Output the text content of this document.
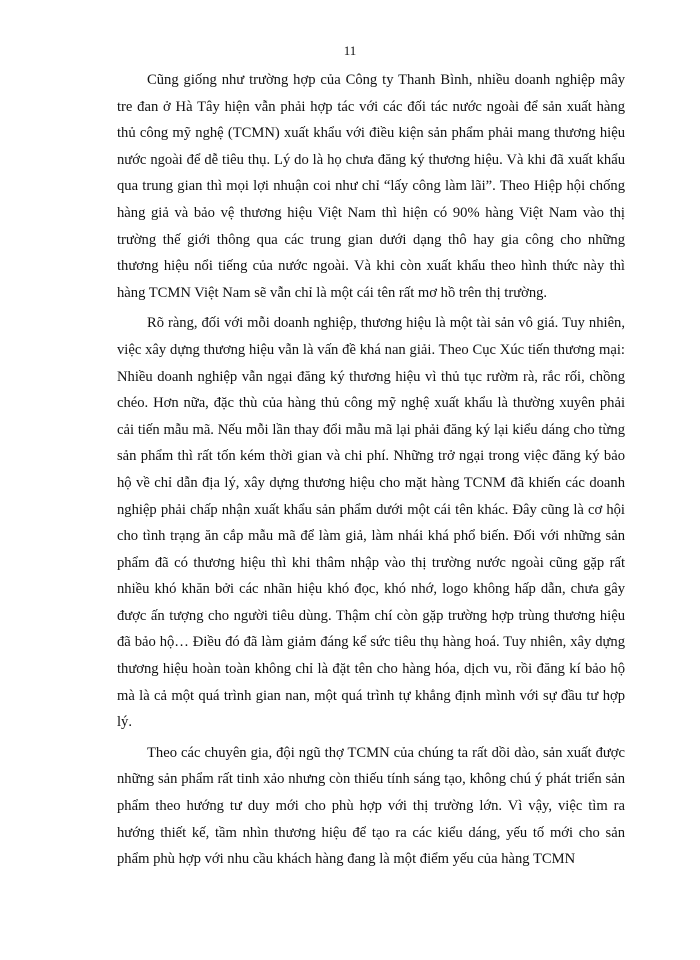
11

Cũng giống như trường hợp của Công ty Thanh Bình, nhiều doanh nghiệp mây tre đan ở Hà Tây hiện vẫn phải hợp tác với các đối tác nước ngoài để sản xuất hàng thủ công mỹ nghệ (TCMN) xuất khẩu với điều kiện sản phẩm phải mang thương hiệu nước ngoài để dễ tiêu thụ. Lý do là họ chưa đăng ký thương hiệu. Và khi đã xuất khẩu qua trung gian thì mọi lợi nhuận coi như chỉ “lấy công làm lãi”. Theo Hiệp hội chống hàng giả và bảo vệ thương hiệu Việt Nam thì hiện có 90% hàng Việt Nam vào thị trường thế giới thông qua các trung gian dưới dạng thô hay gia công cho những thương hiệu nổi tiếng của nước ngoài. Và khi còn xuất khẩu theo hình thức này thì hàng TCMN Việt Nam sẽ vẫn chỉ là một cái tên rất mơ hồ trên thị trường.

Rõ ràng, đối với mỗi doanh nghiệp, thương hiệu là một tài sản vô giá. Tuy nhiên, việc xây dựng thương hiệu vẫn là vấn đề khá nan giải. Theo Cục Xúc tiến thương mại: Nhiều doanh nghiệp vẫn ngại đăng ký thương hiệu vì thủ tục rườm rà, rắc rối, chồng chéo. Hơn nữa, đặc thù của hàng thủ công mỹ nghệ xuất khẩu là thường xuyên phải cải tiến mẫu mã. Nếu mỗi lần thay đổi mẫu mã lại phải đăng ký lại kiểu dáng cho từng sản phẩm thì rất tốn kém thời gian và chi phí. Những trở ngại trong việc đăng ký bảo hộ về chỉ dẫn địa lý, xây dựng thương hiệu cho mặt hàng TCNM đã khiến các doanh nghiệp phải chấp nhận xuất khẩu sản phẩm dưới một cái tên khác. Đây cũng là cơ hội cho tình trạng ăn cắp mẫu mã để làm giả, làm nhái khá phổ biến. Đối với những sản phẩm đã có thương hiệu thì khi thâm nhập vào thị trường nước ngoài cũng gặp rất nhiều khó khăn bởi các nhãn hiệu khó đọc, khó nhớ, logo không hấp dẫn, chưa gây được ấn tượng cho người tiêu dùng. Thậm chí còn gặp trường hợp trùng thương hiệu đã bảo hộ… Điều đó đã làm giảm đáng kể sức tiêu thụ hàng hoá. Tuy nhiên, xây dựng thương hiệu hoàn toàn không chỉ là đặt tên cho hàng hóa, dịch vu, rồi đăng kí bảo hộ mà là cả một quá trình gian nan, một quá trình tự khẳng định mình với sự đầu tư hợp lý.

Theo các chuyên gia, đội ngũ thợ TCMN của chúng ta rất dồi dào, sản xuất được những sản phẩm rất tinh xảo nhưng còn thiếu tính sáng tạo, không chú ý phát triển sản phẩm theo hướng tư duy mới cho phù hợp với thị trường lớn. Vì vậy, việc tìm ra hướng thiết kế, tầm nhìn thương hiệu để tạo ra các kiểu dáng, yếu tố mới cho sản phẩm phù hợp với nhu cầu khách hàng đang là một điểm yếu của hàng TCMN
